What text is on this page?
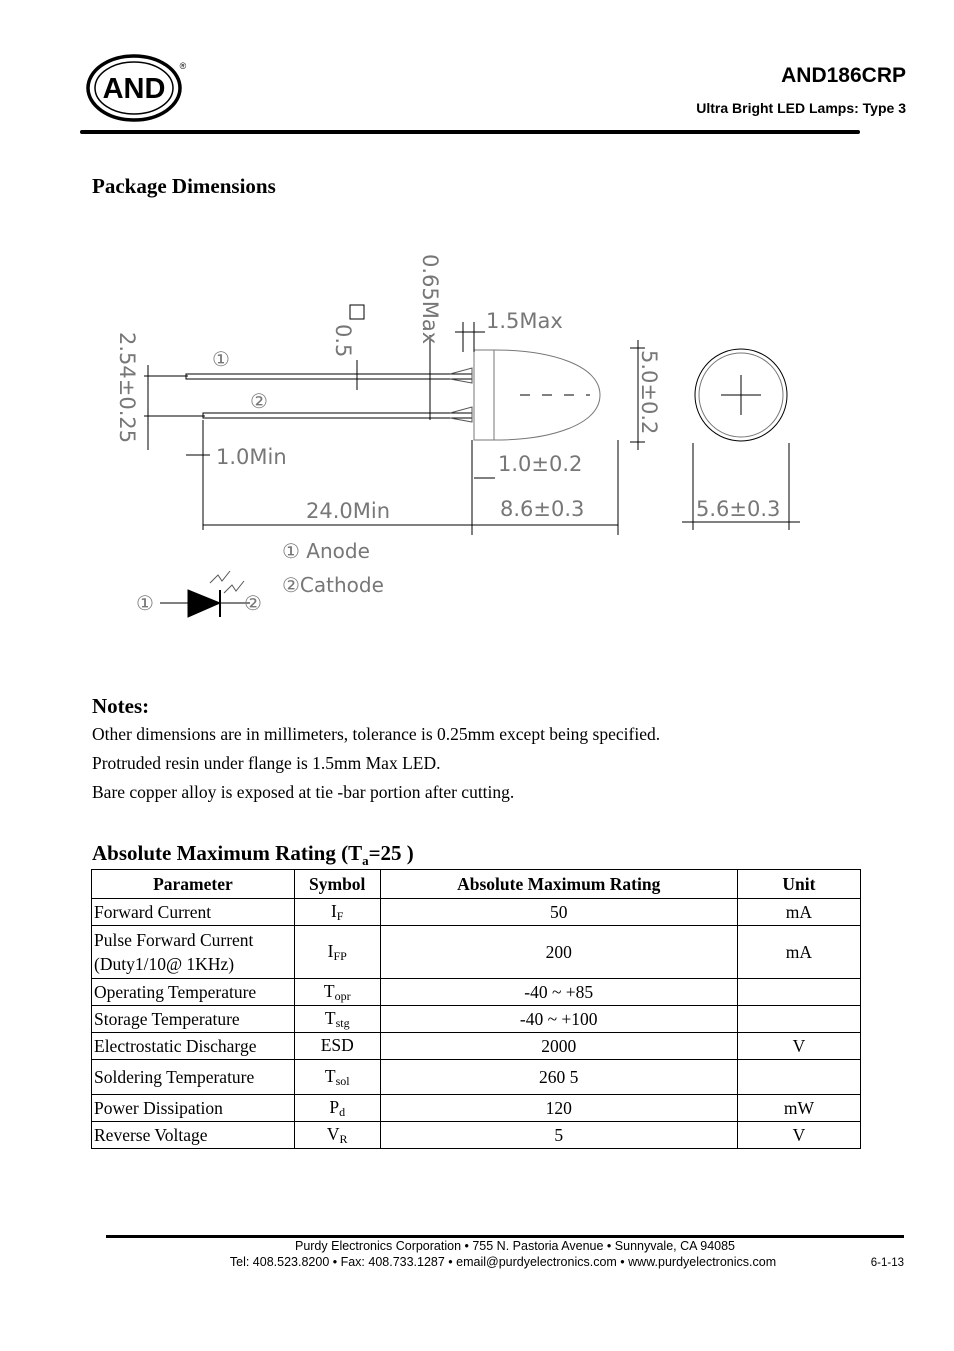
AND
®	AND186CRP
Ultra Bright LED Lamps: Type 3
Package Dimensions
0.65Max 1.5Max
0.5
2.54±0.25	5.0±0.2
1.0Min	1.0±0.2
24.0Min	8.6±0.3	5.6±0.3
①
②
① Anode
②Cathode
①	②
Notes:
Other dimensions are in millimeters, tolerance is 0.25mm except being specified.
Protruded resin under flange is 1.5mm Max LED.
Bare copper alloy is exposed at tie -bar portion after cutting.
Absolute Maximum Rating ($T_a=25$ )
Parameter	Symbol	Absolute Maximum Rating	Unit
Forward Current	IF	50	mA
Pulse Forward Current (Duty1/10@ 1KHz)	IFP	200	mA
Operating Temperature	Topr	-40 ~ +85	
Storage Temperature	Tstg	-40 ~ +100	
Electrostatic Discharge	ESD	2000	V
Soldering Temperature	Tsol	260 5	
Power Dissipation	Pd	120	mW
Reverse Voltage	VR	5	V
Purdy Electronics Corporation • 755 N. Pastoria Avenue • Sunnyvale, CA 94085
Tel: 408.523.8200 • Fax: 408.733.1287 • email@purdyelectronics.com • www.purdyelectronics.com	6-1-13
